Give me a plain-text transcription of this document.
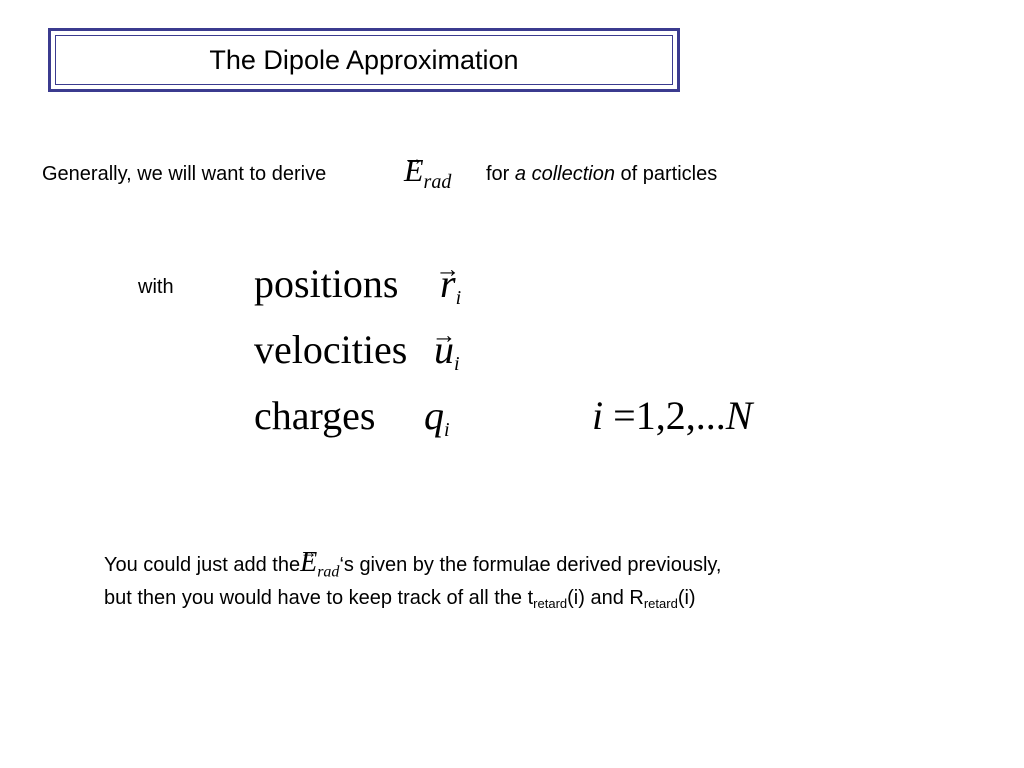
The Dipole Approximation
Generally, we will want to derive → $E_{rad}$ for a collection of particles
with positions → $r_i$
velocities → $u_i$
charges $q_i$	i =1,2,...N
You could just add $the\to E_{rad}‘s$ given by the formulae derived previously, but then you would have to keep track of all the $t_{retard}(i)$ and $R_{retard}(i)$
